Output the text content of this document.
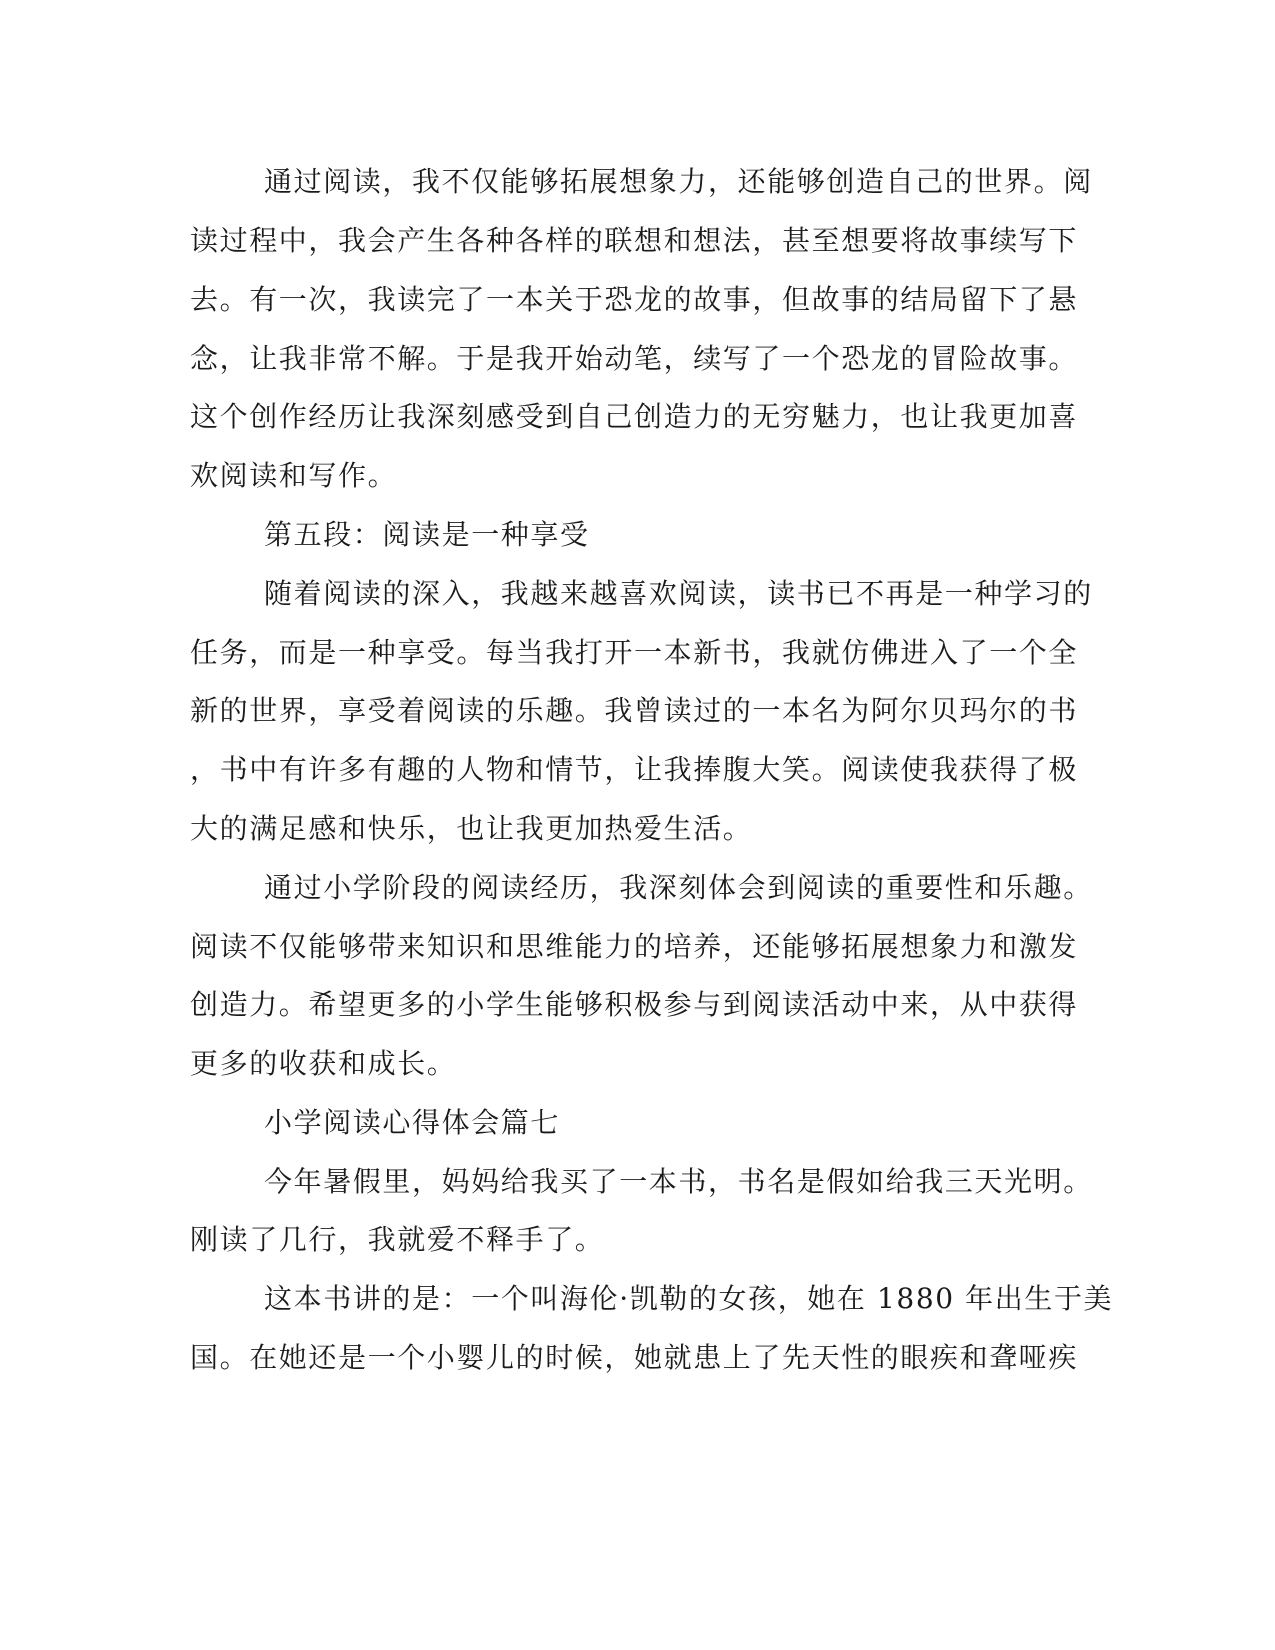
通过阅读，我不仅能够拓展想象力，还能够创造自己的世界。阅
读过程中，我会产生各种各样的联想和想法，甚至想要将故事续写下
去。有一次，我读完了一本关于恐龙的故事，但故事的结局留下了悬
念，让我非常不解。于是我开始动笔，续写了一个恐龙的冒险故事。
这个创作经历让我深刻感受到自己创造力的无穷魅力，也让我更加喜
欢阅读和写作。
第五段：阅读是一种享受
随着阅读的深入，我越来越喜欢阅读，读书已不再是一种学习的
任务，而是一种享受。每当我打开一本新书，我就仿佛进入了一个全
新的世界，享受着阅读的乐趣。我曾读过的一本名为阿尔贝玛尔的书
，书中有许多有趣的人物和情节，让我捧腹大笑。阅读使我获得了极
大的满足感和快乐，也让我更加热爱生活。
通过小学阶段的阅读经历，我深刻体会到阅读的重要性和乐趣。
阅读不仅能够带来知识和思维能力的培养，还能够拓展想象力和激发
创造力。希望更多的小学生能够积极参与到阅读活动中来，从中获得
更多的收获和成长。
小学阅读心得体会篇七
今年暑假里，妈妈给我买了一本书，书名是假如给我三天光明。
刚读了几行，我就爱不释手了。
这本书讲的是：一个叫海伦·凯勒的女孩，她在 1880 年出生于美
国。在她还是一个小婴儿的时候，她就患上了先天性的眼疾和聋哑疾
